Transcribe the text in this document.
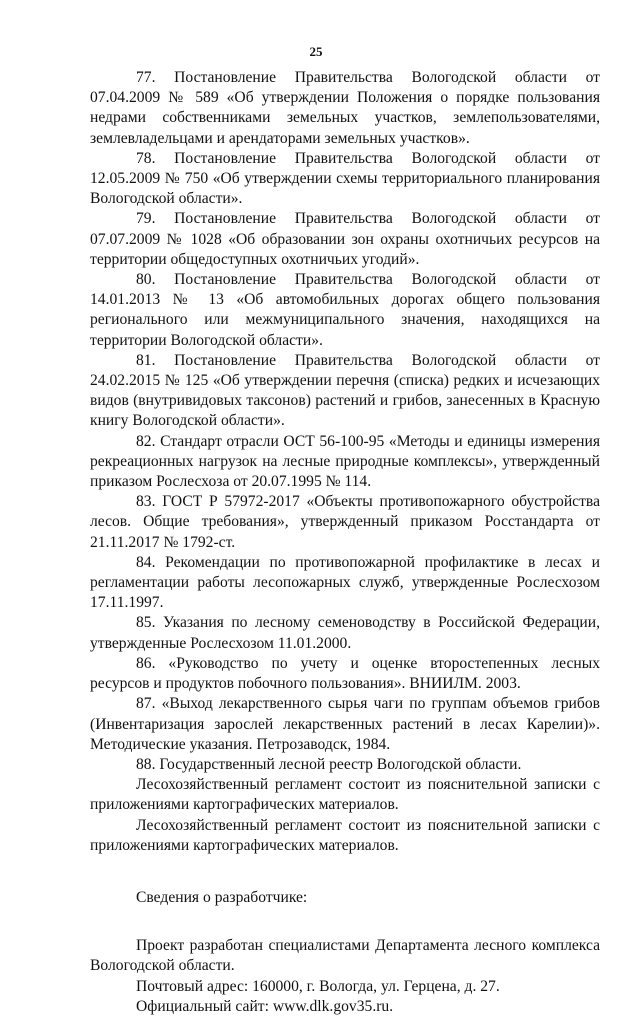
25

77. Постановление Правительства Вологодской области от 07.04.2009 № 589 «Об утверждении Положения о порядке пользования недрами собственниками земельных участков, землепользователями, землевладельцами и арендаторами земельных участков».

78. Постановление Правительства Вологодской области от 12.05.2009 № 750 «Об утверждении схемы территориального планирования Вологодской области».

79. Постановление Правительства Вологодской области от 07.07.2009 № 1028 «Об образовании зон охраны охотничьих ресурсов на территории общедоступных охотничьих угодий».

80. Постановление Правительства Вологодской области от 14.01.2013 № 13 «Об автомобильных дорогах общего пользования регионального или межмуниципального значения, находящихся на территории Вологодской области».

81. Постановление Правительства Вологодской области от 24.02.2015 № 125 «Об утверждении перечня (списка) редких и исчезающих видов (внутривидовых таксонов) растений и грибов, занесенных в Красную книгу Вологодской области».

82. Стандарт отрасли ОСТ 56-100-95 «Методы и единицы измерения рекреационных нагрузок на лесные природные комплексы», утвержденный приказом Рослесхоза от 20.07.1995 № 114.

83. ГОСТ Р 57972-2017 «Объекты противопожарного обустройства лесов. Общие требования», утвержденный приказом Росстандарта от 21.11.2017 № 1792-ст.

84. Рекомендации по противопожарной профилактике в лесах и регламентации работы лесопожарных служб, утвержденные Рослесхозом 17.11.1997.

85. Указания по лесному семеноводству в Российской Федерации, утвержденные Рослесхозом 11.01.2000.

86. «Руководство по учету и оценке второстепенных лесных ресурсов и продуктов побочного пользования». ВНИИЛМ. 2003.

87. «Выход лекарственного сырья чаги по группам объемов грибов (Инвентаризация зарослей лекарственных растений в лесах Карелии)». Методические указания. Петрозаводск, 1984.

88. Государственный лесной реестр Вологодской области.

Лесохозяйственный регламент состоит из пояснительной записки с приложениями картографических материалов.

Лесохозяйственный регламент состоит из пояснительной записки с приложениями картографических материалов.

Сведения о разработчике:

Проект разработан специалистами Департамента лесного комплекса Вологодской области.

Почтовый адрес: 160000, г. Вологда, ул. Герцена, д. 27.

Официальный сайт: www.dlk.gov35.ru.
